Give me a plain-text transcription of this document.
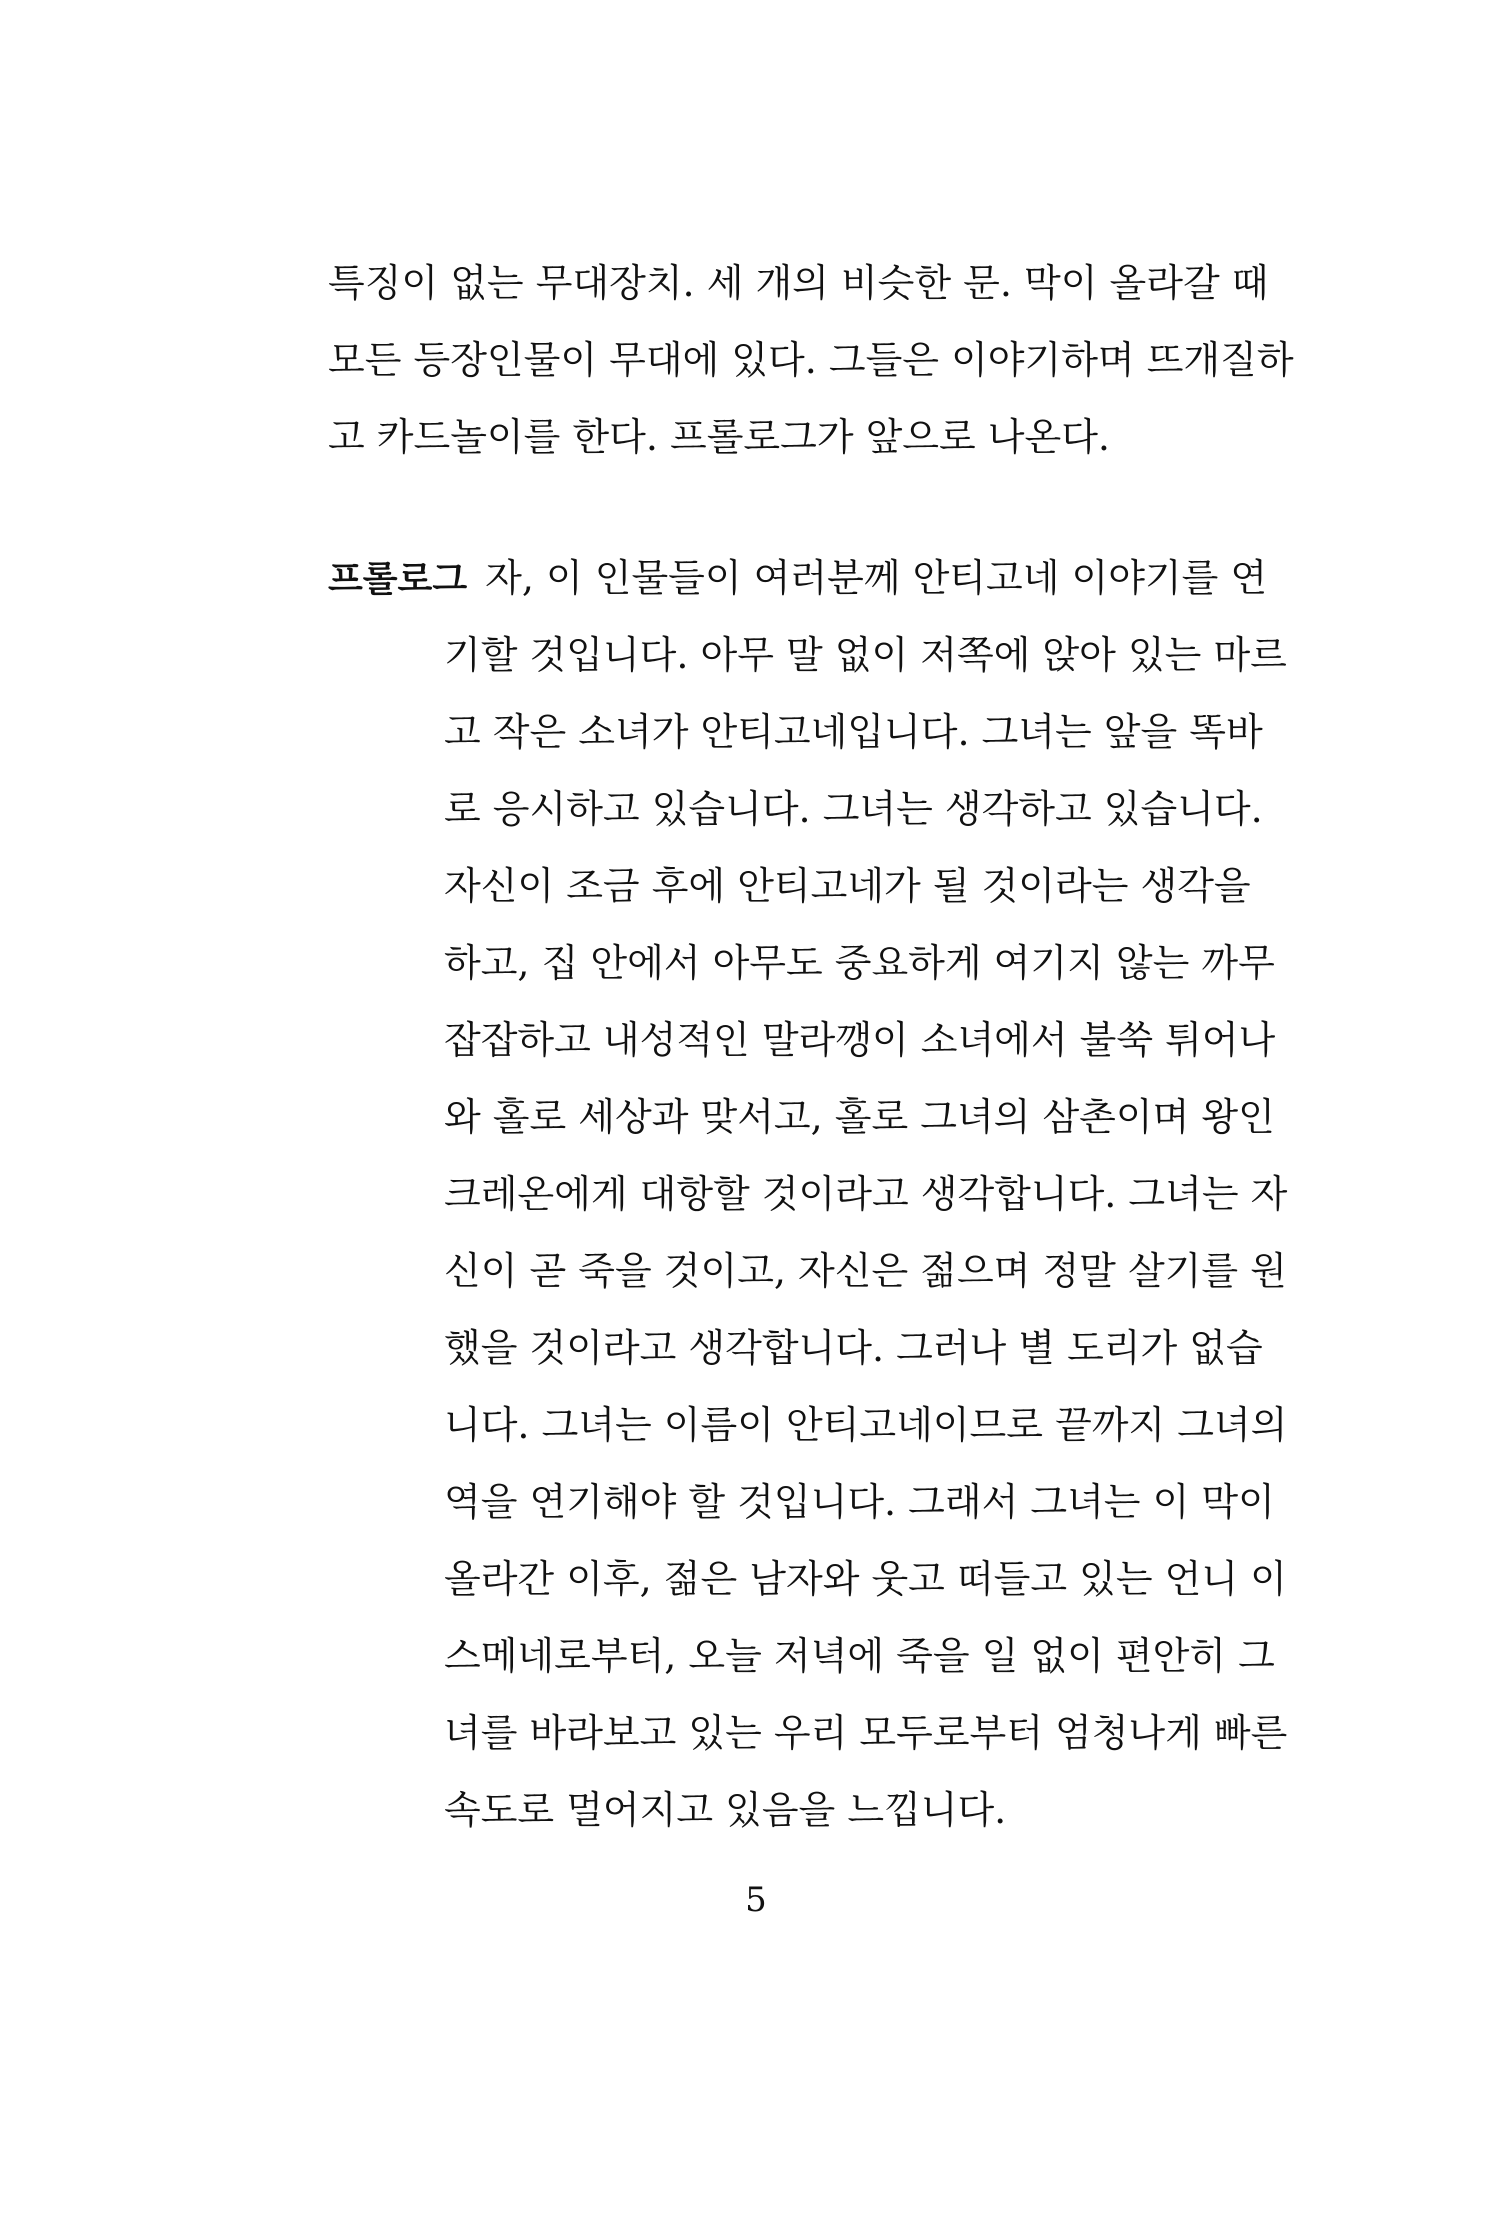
특징이 없는 무대장치. 세 개의 비슷한 문. 막이 올라갈 때
모든 등장인물이 무대에 있다. 그들은 이야기하며 뜨개질하
고 카드놀이를 한다. 프롤로그가 앞으로 나온다.
프롤로그 자, 이 인물들이 여러분께 안티고네 이야기를 연
기할 것입니다. 아무 말 없이 저쪽에 앉아 있는 마르
고 작은 소녀가 안티고네입니다. 그녀는 앞을 똑바
로 응시하고 있습니다. 그녀는 생각하고 있습니다.
자신이 조금 후에 안티고네가 될 것이라는 생각을
하고, 집 안에서 아무도 중요하게 여기지 않는 까무
잡잡하고 내성적인 말라깽이 소녀에서 불쑥 튀어나
와 홀로 세상과 맞서고, 홀로 그녀의 삼촌이며 왕인
크레온에게 대항할 것이라고 생각합니다. 그녀는 자
신이 곧 죽을 것이고, 자신은 젊으며 정말 살기를 원
했을 것이라고 생각합니다. 그러나 별 도리가 없습
니다. 그녀는 이름이 안티고네이므로 끝까지 그녀의
역을 연기해야 할 것입니다. 그래서 그녀는 이 막이
올라간 이후, 젊은 남자와 웃고 떠들고 있는 언니 이
스메네로부터, 오늘 저녁에 죽을 일 없이 편안히 그
녀를 바라보고 있는 우리 모두로부터 엄청나게 빠른
속도로 멀어지고 있음을 느낍니다.
5
